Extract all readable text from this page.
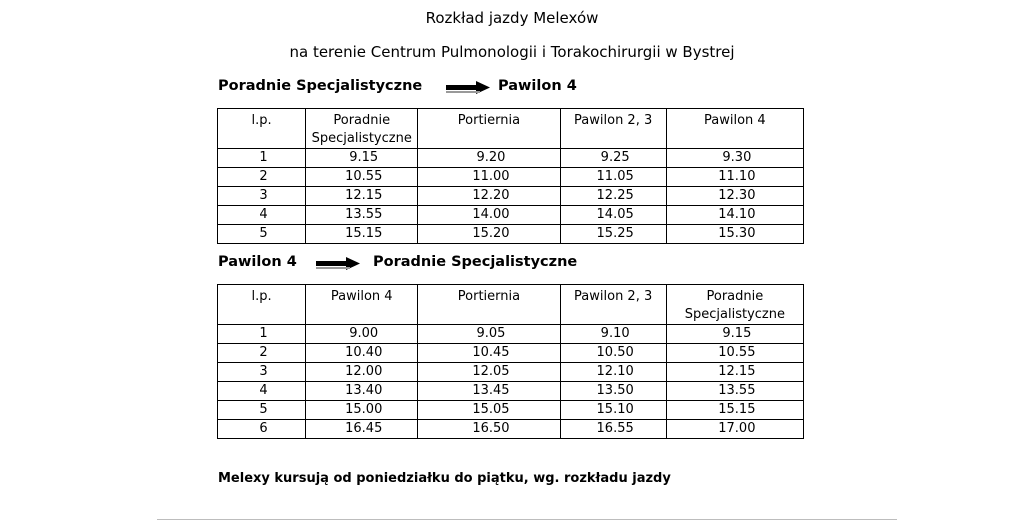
Rozkład jazdy Melexów
na terenie Centrum Pulmonologii i Torakochirurgii w Bystrej
Poradnie Specjalistyczne	Pawilon 4
l.p.	Poradnie Specjalistyczne	Portiernia	Pawilon 2, 3	Pawilon 4
1	9.15	9.20	9.25	9.30
2	10.55	11.00	11.05	11.10
3	12.15	12.20	12.25	12.30
4	13.55	14.00	14.05	14.10
5	15.15	15.20	15.25	15.30
Pawilon 4	Poradnie Specjalistyczne
l.p.	Pawilon 4	Portiernia	Pawilon 2, 3	Poradnie Specjalistyczne
1	9.00	9.05	9.10	9.15
2	10.40	10.45	10.50	10.55
3	12.00	12.05	12.10	12.15
4	13.40	13.45	13.50	13.55
5	15.00	15.05	15.10	15.15
6	16.45	16.50	16.55	17.00
Melexy kursują od poniedziałku do piątku, wg. rozkładu jazdy
